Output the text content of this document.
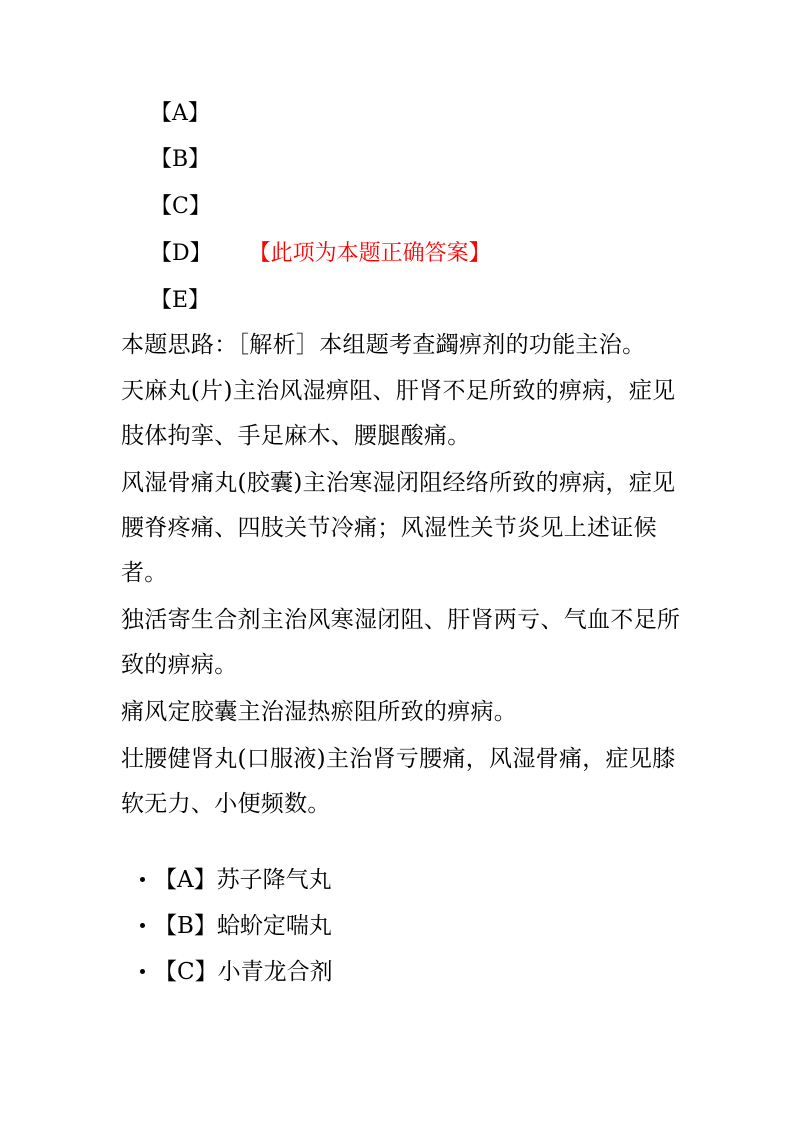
【A】
【B】
【C】
【D】 【此项为本题正确答案】
【E】
本题思路：［解析］本组题考查蠲痹剂的功能主治。
天麻丸(片)主治风湿痹阻、肝肾不足所致的痹病，症见肢体拘挛、手足麻木、腰腿酸痛。
风湿骨痛丸(胶囊)主治寒湿闭阻经络所致的痹病，症见腰脊疼痛、四肢关节冷痛；风湿性关节炎见上述证候者。
独活寄生合剂主治风寒湿闭阻、肝肾两亏、气血不足所致的痹病。
痛风定胶囊主治湿热瘀阻所致的痹病。
壮腰健肾丸(口服液)主治肾亏腰痛，风湿骨痛，症见膝软无力、小便频数。
【A】苏子降气丸
【B】蛤蚧定喘丸
【C】小青龙合剂
